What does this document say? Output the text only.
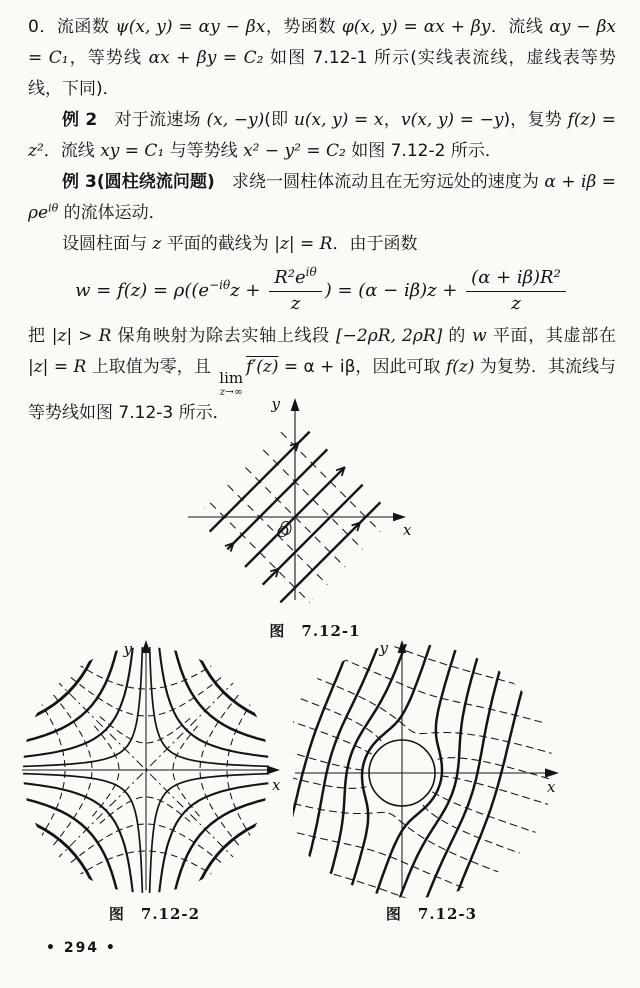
0．流函数 ψ(x, y) = αy − βx，势函数 φ(x, y) = αx + βy．流线 αy − βx = C₁，等势线 αx + βy = C₂ 如图 7.12-1 所示(实线表流线，虚线表等势线，下同)．

例 2　对于流速场 (x, −y)(即 u(x, y) = x，v(x, y) = −y)，复势 f(z) = z²．流线 xy = C₁ 与等势线 x² − y² = C₂ 如图 7.12-2 所示．

例 3(圆柱绕流问题)　求绕一圆柱体流动且在无穷远处的速度为 $\alpha + i\beta = \rho e^{i\theta}$ 的流体运动．

设圆柱面与 z 平面的截线为 |z| = R．由于函数

$w = f(z) = \rho((e^{-i\theta}z + \frac{R^2e^{i\theta}}{z}$ ) = $(\alpha - i\beta)z + \frac{\text{(α + iβ)R²}}{z}$

把 |z| > R 保角映射为除去实轴上线段 [−2ρR, 2ρR] 的 w 平面，其虚部在 |z| = R 上取值为零，且
lim
z→∞
f′(z) = α + iβ，因此可取 f(z) 为复势．其流线与等势线如图 7.12-3 所示．	y
x
O
图　7.12-1
y
x
图　7.12-2
y
x
图　7.12-3
• 294 •
